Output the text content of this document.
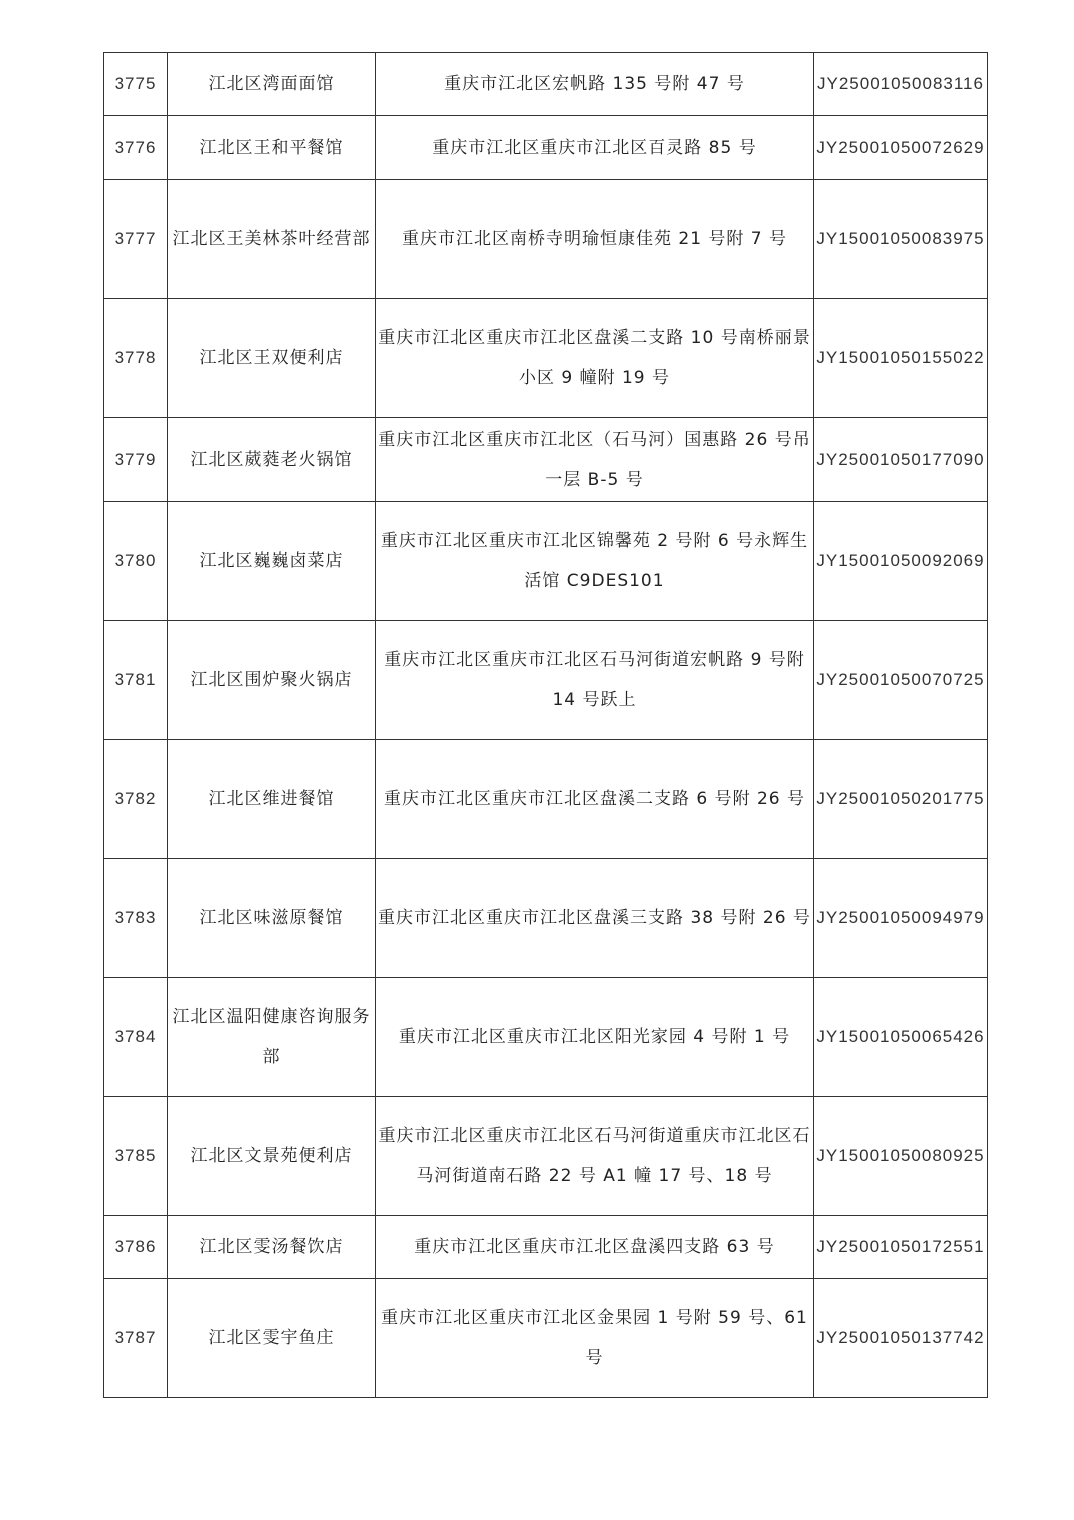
3775	江北区湾面面馆	重庆市江北区宏帆路 135 号附 47 号	JY25001050083116
3776	江北区王和平餐馆	重庆市江北区重庆市江北区百灵路 85 号	JY25001050072629
3777	江北区王美林茶叶经营部	重庆市江北区南桥寺明瑜恒康佳苑 21 号附 7 号	JY15001050083975
3778	江北区王双便利店	重庆市江北区重庆市江北区盘溪二支路 10 号南桥丽景小区 9 幢附 19 号	JY15001050155022
3779	江北区葳蕤老火锅馆	重庆市江北区重庆市江北区（石马河）国惠路 26 号吊一层 B-5 号	JY25001050177090
3780	江北区巍巍卤菜店	重庆市江北区重庆市江北区锦馨苑 2 号附 6 号永辉生活馆 C9DES101	JY15001050092069
3781	江北区围炉聚火锅店	重庆市江北区重庆市江北区石马河街道宏帆路 9 号附 14 号跃上	JY25001050070725
3782	江北区维进餐馆	重庆市江北区重庆市江北区盘溪二支路 6 号附 26 号	JY25001050201775
3783	江北区味滋原餐馆	重庆市江北区重庆市江北区盘溪三支路 38 号附 26 号	JY25001050094979
3784	江北区温阳健康咨询服务部	重庆市江北区重庆市江北区阳光家园 4 号附 1 号	JY15001050065426
3785	江北区文景苑便利店	重庆市江北区重庆市江北区石马河街道重庆市江北区石马河街道南石路 22 号 A1 幢 17 号、18 号	JY15001050080925
3786	江北区雯汤餐饮店	重庆市江北区重庆市江北区盘溪四支路 63 号	JY25001050172551
3787	江北区雯宇鱼庄	重庆市江北区重庆市江北区金果园 1 号附 59 号、61 号	JY25001050137742
